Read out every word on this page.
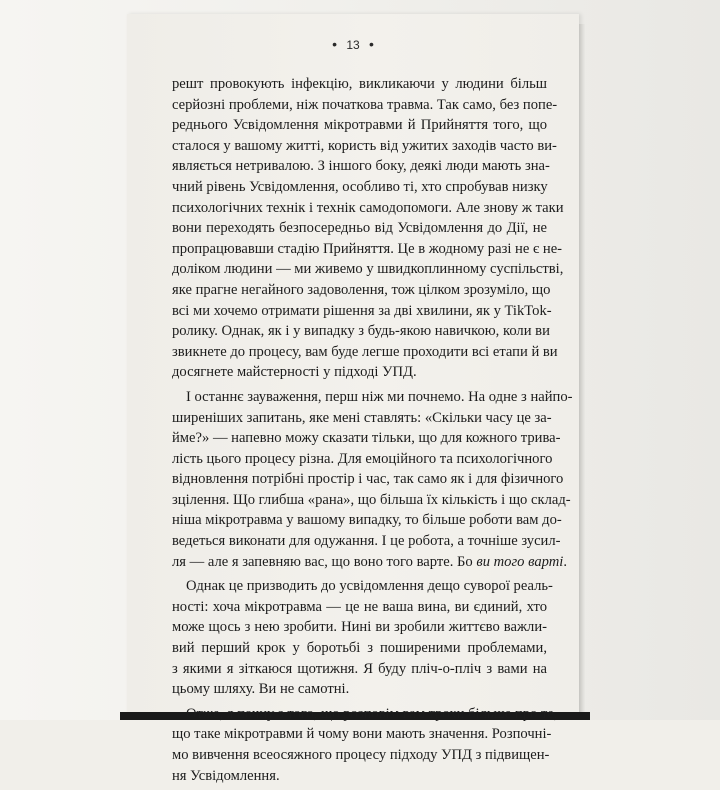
• 13 •
решт провокують інфекцію, викликаючи у людини більш
серйозні проблеми, ніж початкова травма. Так само, без попе-
реднього Усвідомлення мікротравми й Прийняття того, що
сталося у вашому житті, користь від ужитих заходів часто ви-
являється нетривалою. З іншого боку, деякі люди мають зна-
чний рівень Усвідомлення, особливо ті, хто спробував низку
психологічних технік і технік самодопомоги. Але знову ж таки
вони переходять безпосередньо від Усвідомлення до Дії, не
пропрацювавши стадію Прийняття. Це в жодному разі не є не-
доліком людини — ми живемо у швидкоплинному суспільстві,
яке прагне негайного задоволення, тож цілком зрозуміло, що
всі ми хочемо отримати рішення за дві хвилини, як у TikTok-
ролику. Однак, як і у випадку з будь-якою навичкою, коли ви
звикнете до процесу, вам буде легше проходити всі етапи й ви
досягнете майстерності у підході УПД.
І останнє зауваження, перш ніж ми почнемо. На одне з найпо-
ширеніших запитань, яке мені ставлять: «Скільки часу це за-
йме?» — напевно можу сказати тільки, що для кожного трива-
лість цього процесу різна. Для емоційного та психологічного
відновлення потрібні простір і час, так само як і для фізичного
зцілення. Що глибша «рана», що більша їх кількість і що склад-
ніша мікротравма у вашому випадку, то більше роботи вам до-
ведеться виконати для одужання. І це робота, а точніше зусил-
ля — але я запевняю вас, що воно того варте. Бо ви того варті.
Однак це призводить до усвідомлення дещо суворої реаль-
ності: хоча мікротравма — це не ваша вина, ви єдиний, хто
може щось з нею зробити. Нині ви зробили життєво важли-
вий перший крок у боротьбі з поширеними проблемами,
з якими я зіткаюся щотижня. Я буду пліч-о-пліч з вами на
цьому шляху. Ви не самотні.
Отже, я почну з того, що розповім вам трохи більше про те,
що таке мікротравми й чому вони мають значення. Розпочні-
мо вивчення всеосяжного процесу підходу УПД з підвищен-
ня Усвідомлення.
